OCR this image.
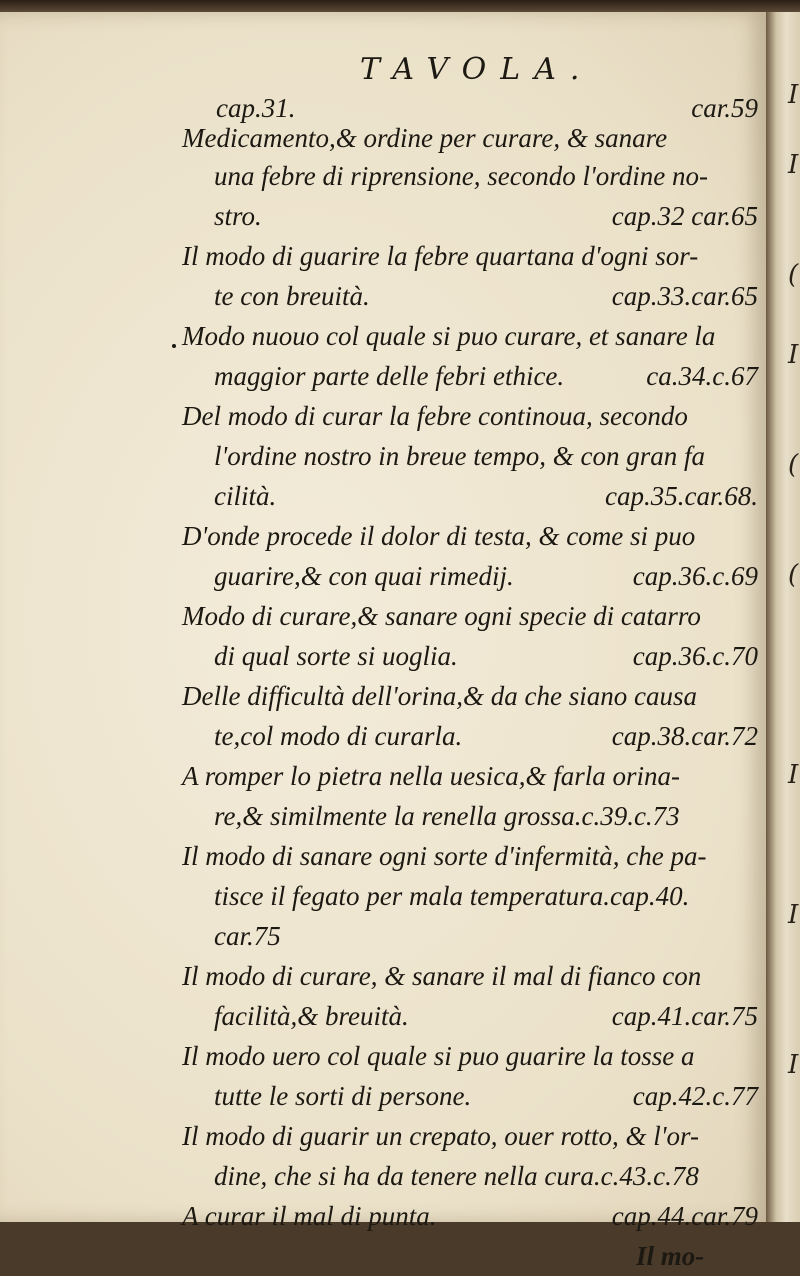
TAVOLA.
cap.31.	car.59
Medicamento,& ordine per curare, & sanare
una febre di riprensione, secondo l'ordine no-
stro.	cap.32 car.65
Il modo di guarire la febre quartana d'ogni sor-
te con breuità.	cap.33.car.65
Modo nuouo col quale si puo curare, et sanare la
maggior parte delle febri ethice.	ca.34.c.67
Del modo di curar la febre continoua, secondo
l'ordine nostro in breue tempo, & con gran fa
cilità.	cap.35.car.68.
D'onde procede il dolor di testa, & come si puo
guarire,& con quai rimedij.	cap.36.c.69
Modo di curare,& sanare ogni specie di catarro
di qual sorte si uoglia.	cap.36.c.70
Delle difficultà dell'orina,& da che siano causa
te,col modo di curarla.	cap.38.car.72
A romper lo pietra nella uesica,& farla orina-
re,& similmente la renella grossa.c.39.c.73
Il modo di sanare ogni sorte d'infermità, che pa-
tisce il fegato per mala temperatura.cap.40.
car.75
Il modo di curare, & sanare il mal di fianco con
facilità,& breuità.	cap.41.car.75
Il modo uero col quale si puo guarire la tosse a
tutte le sorti di persone.	cap.42.c.77
Il modo di guarir un crepato, ouer rotto, & l'or-
dine, che si ha da tenere nella cura.c.43.c.78
A curar il mal di punta.	cap.44.car.79
Il mo-
I
I
(
I
(
(
I
I
I
